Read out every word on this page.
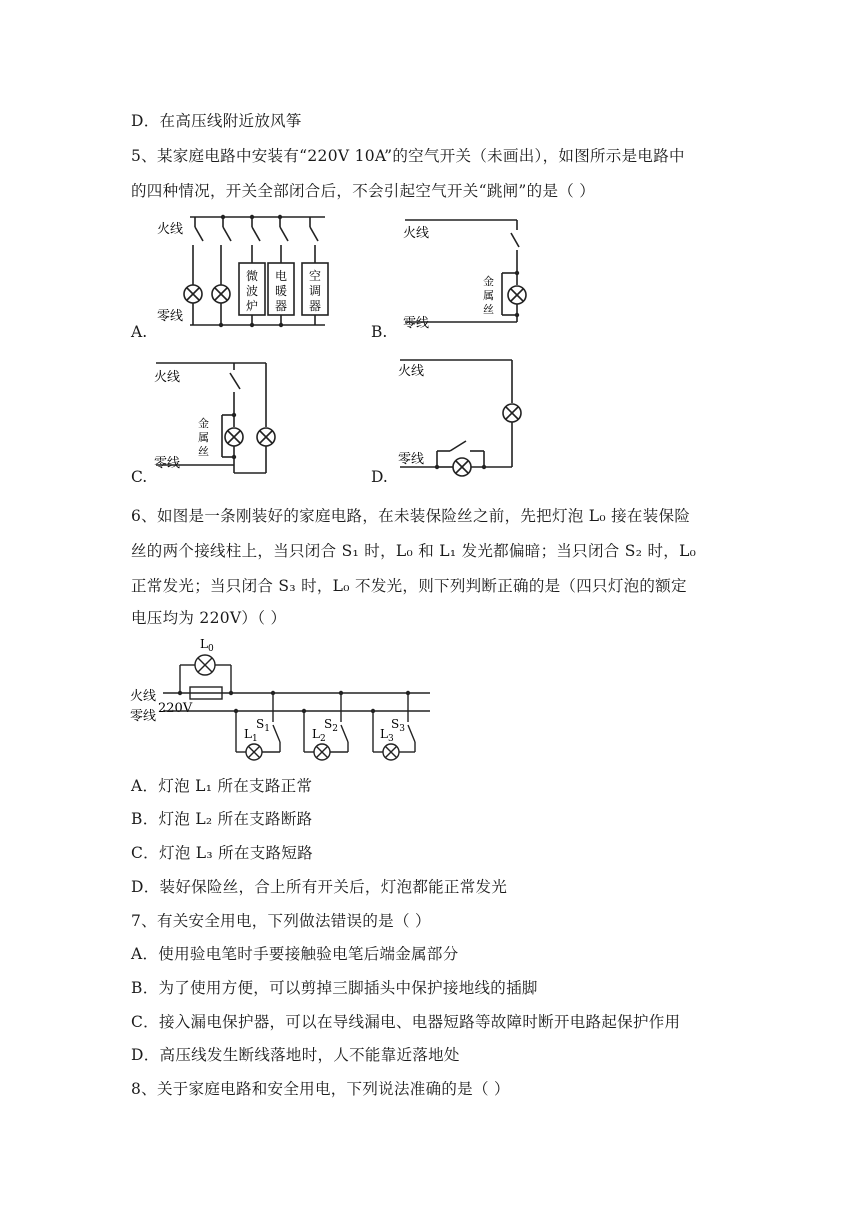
D．在高压线附近放风筝
5、某家庭电路中安装有“220V 10A”的空气开关（未画出），如图所示是电路中
的四种情况，开关全部闭合后，不会引起空气开关“跳闸”的是（ ）
火线
零线
微
波
炉
电
暖
器
空
调
器
A.
火线
零线
金
属
丝
B.
火线
零线
金
属
丝
C.
火线
零线
D.
6、如图是一条刚装好的家庭电路，在未装保险丝之前，先把灯泡 L₀ 接在装保险
丝的两个接线柱上，当只闭合 S₁ 时，L₀ 和 L₁ 发光都偏暗；当只闭合 S₂ 时，L₀
正常发光；当只闭合 S₃ 时，L₀ 不发光，则下列判断正确的是（四只灯泡的额定
电压均为 220V）（ ）
火线
零线
220V
$L_0$
$S_1$	$S_2$	$S_3$
$L_1$	$L_2$	$L_3$
A．灯泡 L₁ 所在支路正常
B．灯泡 L₂ 所在支路断路
C．灯泡 L₃ 所在支路短路
D．装好保险丝，合上所有开关后，灯泡都能正常发光
7、有关安全用电，下列做法错误的是（ ）
A．使用验电笔时手要接触验电笔后端金属部分
B．为了使用方便，可以剪掉三脚插头中保护接地线的插脚
C．接入漏电保护器，可以在导线漏电、电器短路等故障时断开电路起保护作用
D．高压线发生断线落地时，人不能靠近落地处
8、关于家庭电路和安全用电，下列说法准确的是（ ）
